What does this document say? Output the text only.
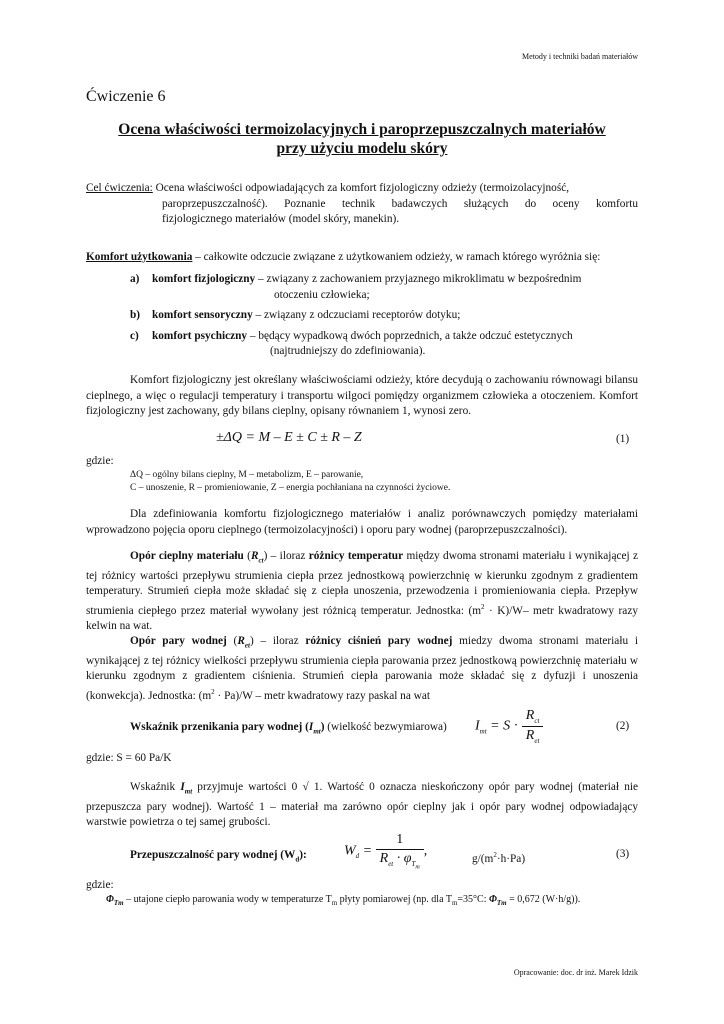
Metody i techniki badań materiałów
Ćwiczenie 6
Ocena właściwości termoizolacyjnych i paroprzepuszczalnych materiałów
przy użyciu modelu skóry
Cel ćwiczenia: Ocena właściwości odpowiadających za komfort fizjologiczny odzieży (termoizolacyjność,
paroprzepuszczalność). Poznanie technik badawczych służących do oceny komfortu
fizjologicznego materiałów (model skóry, manekin).
Komfort użytkowania – całkowite odczucie związane z użytkowaniem odzieży, w ramach którego wyróżnia się:
a) komfort fizjologiczny – związany z zachowaniem przyjaznego mikroklimatu w bezpośrednim
otoczeniu człowieka;
b) komfort sensoryczny – związany z odczuciami receptorów dotyku;
c) komfort psychiczny – będący wypadkową dwóch poprzednich, a także odczuć estetycznych
(najtrudniejszy do zdefiniowania).
Komfort fizjologiczny jest określany właściwościami odzieży, które decydują o zachowaniu równowagi bilansu cieplnego, a więc o regulacji temperatury i transportu wilgoci pomiędzy organizmem człowieka a otoczeniem. Komfort fizjologiczny jest zachowany, gdy bilans cieplny, opisany równaniem 1, wynosi zero.
±ΔQ = M – E ± C ± R – Z	(1)
gdzie:
ΔQ – ogólny bilans cieplny, M – metabolizm, E – parowanie,
C – unoszenie, R – promieniowanie, Z – energia pochłaniana na czynności życiowe.
Dla zdefiniowania komfortu fizjologicznego materiałów i analiz porównawczych pomiędzy materiałami wprowadzono pojęcia oporu cieplnego (termoizolacyjności) i oporu pary wodnej (paroprzepuszczalności).
Opór cieplny materiału $(R_{ct})$ – iloraz różnicy temperatur między dwoma stronami materiału i wynikającej z tej różnicy wartości przepływu strumienia ciepła przez jednostkową powierzchnię w kierunku zgodnym z gradientem temperatury. Strumień ciepła może składać się z ciepła unoszenia, przewodzenia i promieniowania ciepła. Przepływ strumienia ciepłego przez materiał wywołany jest różnicą temperatur. Jednostka: $(m^2 \cdot K)/W-$ metr kwadratowy razy kelwin na wat.
Opór pary wodnej $(R_{et})$ – iloraz różnicy ciśnień pary wodnej miedzy dwoma stronami materiału i wynikającej z tej różnicy wielkości przepływu strumienia ciepła parowania przez jednostkową powierzchnię materiału w kierunku zgodnym z gradientem ciśnienia. Strumień ciepła parowania może składać się z dyfuzji i unoszenia (konwekcja). Jednostka: $(m^2 \cdot Pa)/W$ – metr kwadratowy razy paskal na wat
Wskaźnik przenikania pary wodnej $(I_{mt})$ (wielkość bezwymiarowa) $I_{mt} = S \cdot \frac{R_{ct}}{R_{et}}$	(2)
gdzie: S = 60 Pa/K
Wskaźnik $I_{mt}$ przyjmuje wartości 0 √ 1. Wartość 0 oznacza nieskończony opór pary wodnej (materiał nie przepuszcza pary wodnej). Wartość 1 – materiał ma zarówno opór cieplny jak i opór pary wodnej odpowiadający warstwie powietrza o tej samej grubości.
Przepuszczalność pary wodnej $(W_d)$:	$W_d = \frac{1}{R_{et} \cdot \varphi_{T_m}}$ ,
$g/(m^2\cdot h\cdot Pa)$	(3)
gdzie:
$\Phi_{Tm}$ – utajone ciepło parowania wody w temperaturze $T_m$ płyty pomiarowej (np. dla $T_m=35^\circ C$: $\Phi_{Tm} = 0,672$ (W·h/g)).
Opracowanie: doc. dr inż. Marek Idzik
